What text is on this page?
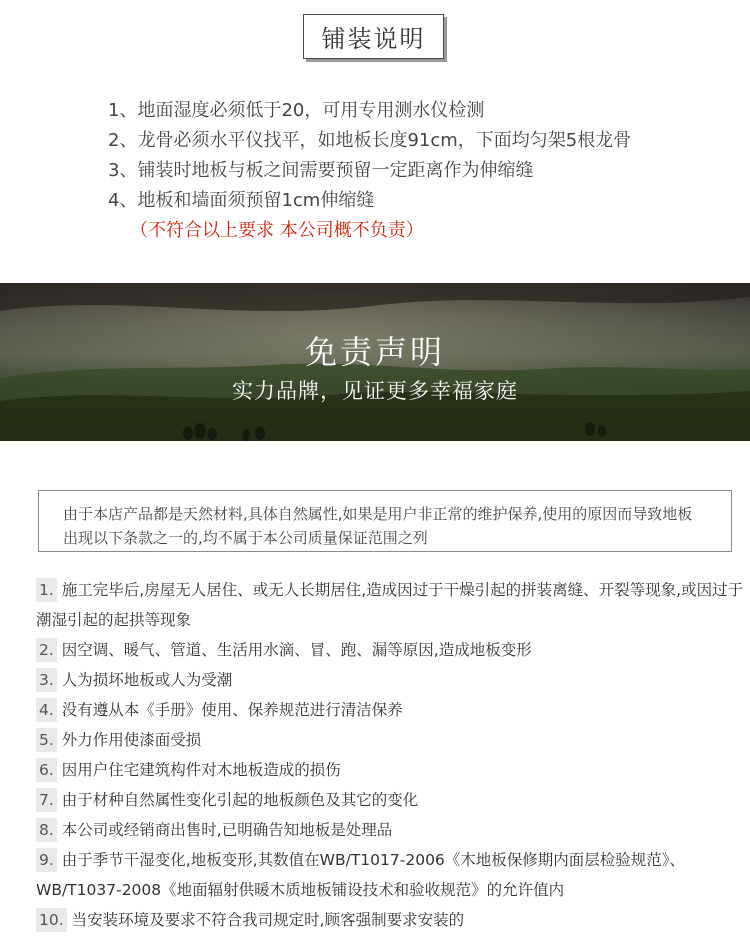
铺装说明
1、地面湿度必须低于20，可用专用测水仪检测
2、龙骨必须水平仪找平，如地板长度91cm，下面均匀架5根龙骨
3、铺装时地板与板之间需要预留一定距离作为伸缩缝
4、地板和墙面须预留1cm伸缩缝
（不符合以上要求 本公司概不负责）
免责声明
实力品牌，见证更多幸福家庭
由于本店产品都是天然材料,具体自然属性,如果是用户非正常的维护保养,使用的原因而导致地板出现以下条款之一的,均不属于本公司质量保证范围之列
1. 施工完毕后,房屋无人居住、或无人长期居住,造成因过于干燥引起的拼装离缝、开裂等现象,或因过于潮湿引起的起拱等现象
2. 因空调、暖气、管道、生活用水滴、冒、跑、漏等原因,造成地板变形
3. 人为损坏地板或人为受潮
4. 没有遵从本《手册》使用、保养规范进行清洁保养
5. 外力作用使漆面受损
6. 因用户住宅建筑构件对木地板造成的损伤
7. 由于材种自然属性变化引起的地板颜色及其它的变化
8. 本公司或经销商出售时,已明确告知地板是处理品
9. 由于季节干湿变化,地板变形,其数值在WB/T1017-2006《木地板保修期内面层检验规范》、WB/T1037-2008《地面辐射供暖木质地板铺设技术和验收规范》的允许值内
10. 当安装环境及要求不符合我司规定时,顾客强制要求安装的
